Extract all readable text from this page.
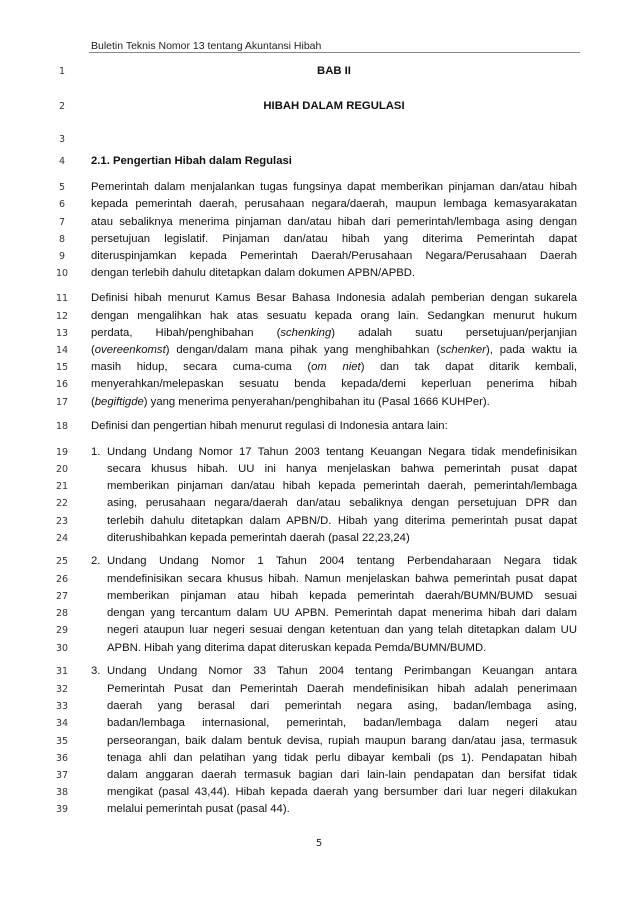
Buletin Teknis Nomor 13 tentang Akuntansi Hibah
1
2
3
4
5
6
7
8
9
10
11
12
13
14
15
16
17
18
19
20
21
22
23
24
25
26
27
28
29
30
31
32
33
34
35
36
37
38
39
BAB II
HIBAH DALAM REGULASI
2.1. Pengertian Hibah dalam Regulasi
Pemerintah dalam menjalankan tugas fungsinya dapat memberikan pinjaman dan/atau hibah
kepada pemerintah daerah, perusahaan negara/daerah, maupun lembaga kemasyarakatan
atau sebaliknya menerima pinjaman dan/atau hibah dari pemerintah/lembaga asing dengan
persetujuan legislatif. Pinjaman dan/atau hibah yang diterima Pemerintah dapat
diteruspinjamkan kepada Pemerintah Daerah/Perusahaan Negara/Perusahaan Daerah
dengan terlebih dahulu ditetapkan dalam dokumen APBN/APBD.
Definisi hibah menurut Kamus Besar Bahasa Indonesia adalah pemberian dengan sukarela
dengan mengalihkan hak atas sesuatu kepada orang lain. Sedangkan menurut hukum
perdata, Hibah/penghibahan (schenking) adalah suatu persetujuan/perjanjian
(overeenkomst) dengan/dalam mana pihak yang menghibahkan (schenker), pada waktu ia
masih hidup, secara cuma-cuma (om niet) dan tak dapat ditarik kembali,
menyerahkan/melepaskan sesuatu benda kepada/demi keperluan penerima hibah
(begiftigde) yang menerima penyerahan/penghibahan itu (Pasal 1666 KUHPer).
Definisi dan pengertian hibah menurut regulasi di Indonesia antara lain:
1. Undang Undang Nomor 17 Tahun 2003 tentang Keuangan Negara tidak mendefinisikan
secara khusus hibah. UU ini hanya menjelaskan bahwa pemerintah pusat dapat
memberikan pinjaman dan/atau hibah kepada pemerintah daerah, pemerintah/lembaga
asing, perusahaan negara/daerah dan/atau sebaliknya dengan persetujuan DPR dan
terlebih dahulu ditetapkan dalam APBN/D. Hibah yang diterima pemerintah pusat dapat
diterushibahkan kepada pemerintah daerah (pasal 22,23,24)
2. Undang Undang Nomor 1 Tahun 2004 tentang Perbendaharaan Negara tidak
mendefinisikan secara khusus hibah. Namun menjelaskan bahwa pemerintah pusat dapat
memberikan pinjaman atau hibah kepada pemerintah daerah/BUMN/BUMD sesuai
dengan yang tercantum dalam UU APBN. Pemerintah dapat menerima hibah dari dalam
negeri ataupun luar negeri sesuai dengan ketentuan dan yang telah ditetapkan dalam UU
APBN. Hibah yang diterima dapat diteruskan kepada Pemda/BUMN/BUMD.
3. Undang Undang Nomor 33 Tahun 2004 tentang Perimbangan Keuangan antara
Pemerintah Pusat dan Pemerintah Daerah mendefinisikan hibah adalah penerimaan
daerah yang berasal dari pemerintah negara asing, badan/lembaga asing,
badan/lembaga internasional, pemerintah, badan/lembaga dalam negeri atau
perseorangan, baik dalam bentuk devisa, rupiah maupun barang dan/atau jasa, termasuk
tenaga ahli dan pelatihan yang tidak perlu dibayar kembali (ps 1). Pendapatan hibah
dalam anggaran daerah termasuk bagian dari lain-lain pendapatan dan bersifat tidak
mengikat (pasal 43,44). Hibah kepada daerah yang bersumber dari luar negeri dilakukan
melalui pemerintah pusat (pasal 44).
5
